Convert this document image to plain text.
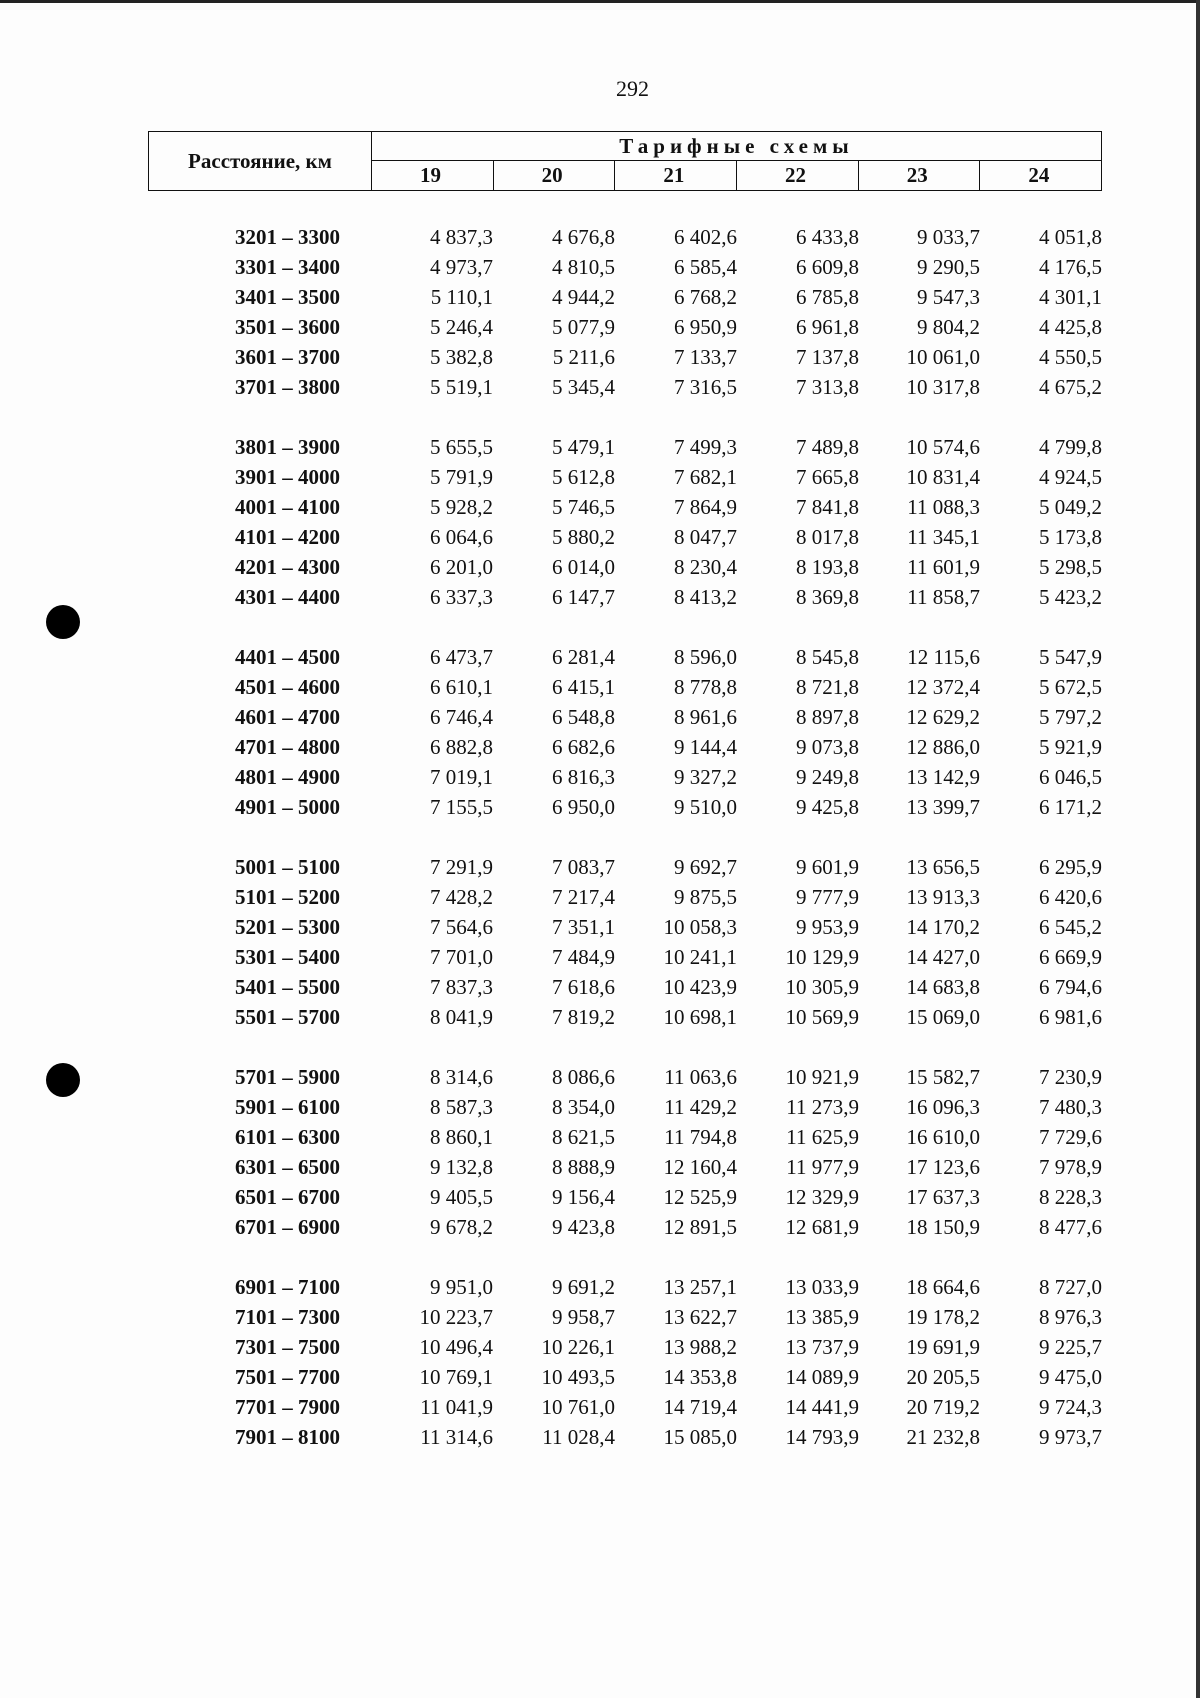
292
Расстояние, км
Тарифные схемы
19	20	21	22	23	24
3201 – 3300	4 837,3	4 676,8	6 402,6	6 433,8	9 033,7	4 051,8
3301 – 3400	4 973,7	4 810,5	6 585,4	6 609,8	9 290,5	4 176,5
3401 – 3500	5 110,1	4 944,2	6 768,2	6 785,8	9 547,3	4 301,1
3501 – 3600	5 246,4	5 077,9	6 950,9	6 961,8	9 804,2	4 425,8
3601 – 3700	5 382,8	5 211,6	7 133,7	7 137,8	10 061,0	4 550,5
3701 – 3800	5 519,1	5 345,4	7 316,5	7 313,8	10 317,8	4 675,2
3801 – 3900	5 655,5	5 479,1	7 499,3	7 489,8	10 574,6	4 799,8
3901 – 4000	5 791,9	5 612,8	7 682,1	7 665,8	10 831,4	4 924,5
4001 – 4100	5 928,2	5 746,5	7 864,9	7 841,8	11 088,3	5 049,2
4101 – 4200	6 064,6	5 880,2	8 047,7	8 017,8	11 345,1	5 173,8
4201 – 4300	6 201,0	6 014,0	8 230,4	8 193,8	11 601,9	5 298,5
4301 – 4400	6 337,3	6 147,7	8 413,2	8 369,8	11 858,7	5 423,2
4401 – 4500	6 473,7	6 281,4	8 596,0	8 545,8	12 115,6	5 547,9
4501 – 4600	6 610,1	6 415,1	8 778,8	8 721,8	12 372,4	5 672,5
4601 – 4700	6 746,4	6 548,8	8 961,6	8 897,8	12 629,2	5 797,2
4701 – 4800	6 882,8	6 682,6	9 144,4	9 073,8	12 886,0	5 921,9
4801 – 4900	7 019,1	6 816,3	9 327,2	9 249,8	13 142,9	6 046,5
4901 – 5000	7 155,5	6 950,0	9 510,0	9 425,8	13 399,7	6 171,2
5001 – 5100	7 291,9	7 083,7	9 692,7	9 601,9	13 656,5	6 295,9
5101 – 5200	7 428,2	7 217,4	9 875,5	9 777,9	13 913,3	6 420,6
5201 – 5300	7 564,6	7 351,1	10 058,3	9 953,9	14 170,2	6 545,2
5301 – 5400	7 701,0	7 484,9	10 241,1	10 129,9	14 427,0	6 669,9
5401 – 5500	7 837,3	7 618,6	10 423,9	10 305,9	14 683,8	6 794,6
5501 – 5700	8 041,9	7 819,2	10 698,1	10 569,9	15 069,0	6 981,6
5701 – 5900	8 314,6	8 086,6	11 063,6	10 921,9	15 582,7	7 230,9
5901 – 6100	8 587,3	8 354,0	11 429,2	11 273,9	16 096,3	7 480,3
6101 – 6300	8 860,1	8 621,5	11 794,8	11 625,9	16 610,0	7 729,6
6301 – 6500	9 132,8	8 888,9	12 160,4	11 977,9	17 123,6	7 978,9
6501 – 6700	9 405,5	9 156,4	12 525,9	12 329,9	17 637,3	8 228,3
6701 – 6900	9 678,2	9 423,8	12 891,5	12 681,9	18 150,9	8 477,6
6901 – 7100	9 951,0	9 691,2	13 257,1	13 033,9	18 664,6	8 727,0
7101 – 7300	10 223,7	9 958,7	13 622,7	13 385,9	19 178,2	8 976,3
7301 – 7500	10 496,4	10 226,1	13 988,2	13 737,9	19 691,9	9 225,7
7501 – 7700	10 769,1	10 493,5	14 353,8	14 089,9	20 205,5	9 475,0
7701 – 7900	11 041,9	10 761,0	14 719,4	14 441,9	20 719,2	9 724,3
7901 – 8100	11 314,6	11 028,4	15 085,0	14 793,9	21 232,8	9 973,7
